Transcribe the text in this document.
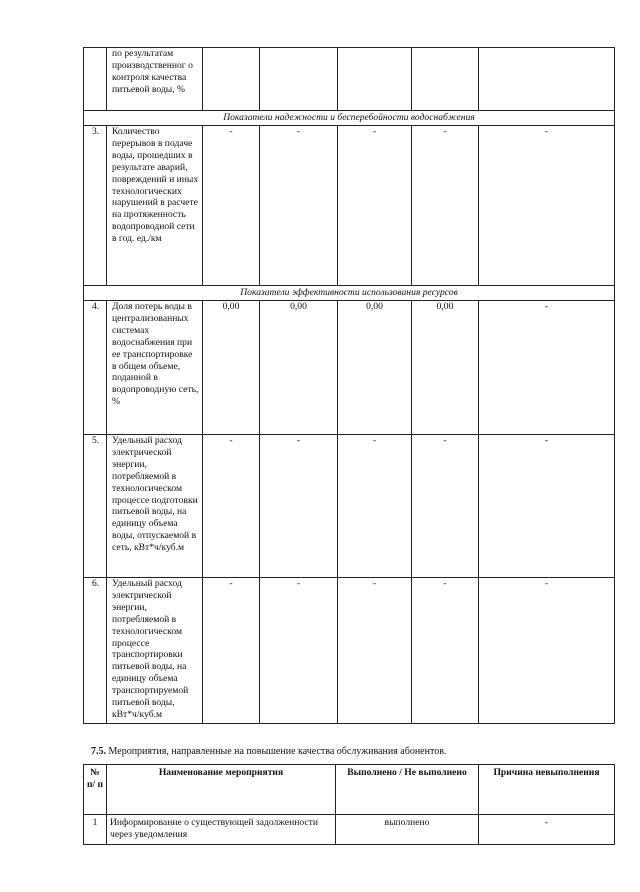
	по результатам производственног о контроля качества питьевой воды, %					
Показатели надежности и бесперебойности водоснабжения						
3.	Количество перерывов в подаче воды, прошедших в результате аварий, повреждений и иных технологических нарушений в расчете на протяженность водопроводной сети в год. ед./км	-	-	-	-	-
Показатели эффективности использования ресурсов						
4.	Доля потерь воды в централизованных системах водоснабжения при ее транспортировке в общем объеме, поданной в водопроводную сеть, %	0,00	0,00	0,00	0,00	-
5.	Удельный расход электрической энергии, потребляемой в технологическом процессе подготовки питьевой воды, на единицу объема воды, отпускаемой в сеть, кВт*ч/куб.м	-	-	-	-	-
6.	Удельный расход электрической энергии, потребляемой в технологическом процессе транспортировки питьевой воды, на единицу объема транспортируемой питьевой воды, кВт*ч/куб.м	-	-	-	-	-
7.5. Мероприятия, направленные на повышение качества обслуживания абонентов.
№ п/ п	Наименование мероприятия	Выполнено / Не выполнено	Причина невыполнения
1	Информирование о существующей задолженности через уведомления	выполнено	-
